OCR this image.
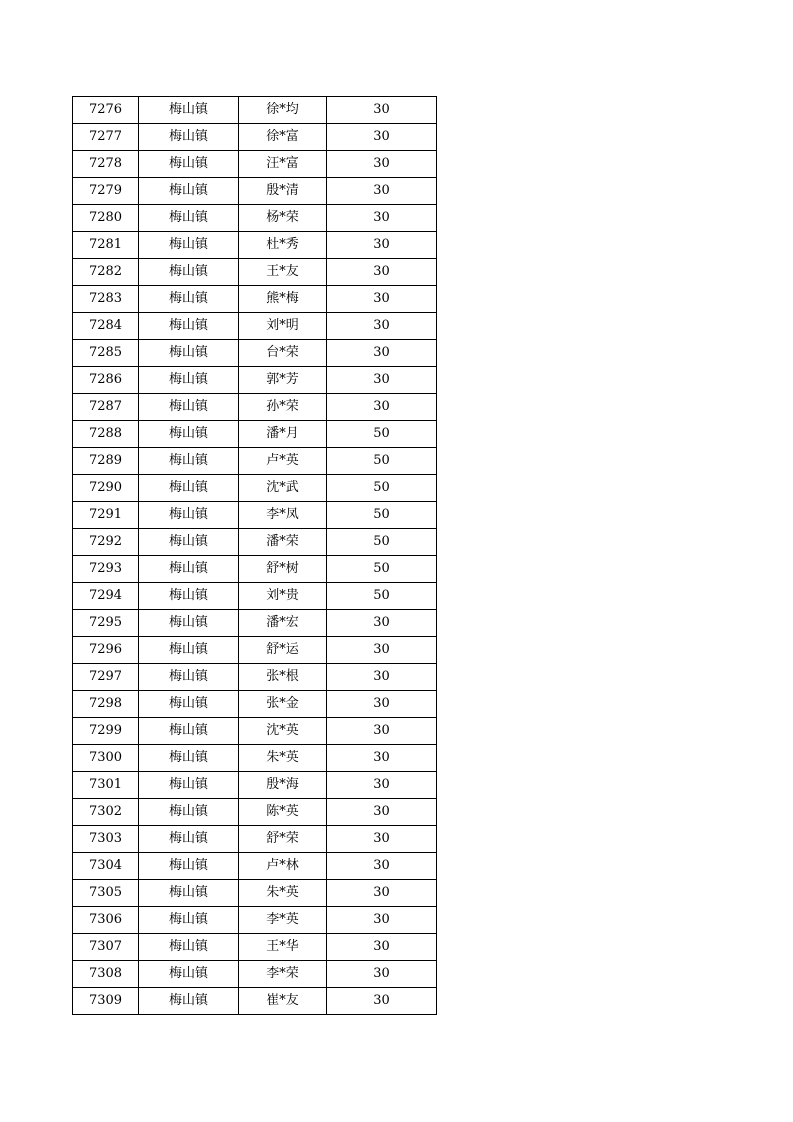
7276	梅山镇	徐*均	30
7277	梅山镇	徐*富	30
7278	梅山镇	汪*富	30
7279	梅山镇	殷*清	30
7280	梅山镇	杨*荣	30
7281	梅山镇	杜*秀	30
7282	梅山镇	王*友	30
7283	梅山镇	熊*梅	30
7284	梅山镇	刘*明	30
7285	梅山镇	台*荣	30
7286	梅山镇	郭*芳	30
7287	梅山镇	孙*荣	30
7288	梅山镇	潘*月	50
7289	梅山镇	卢*英	50
7290	梅山镇	沈*武	50
7291	梅山镇	李*凤	50
7292	梅山镇	潘*荣	50
7293	梅山镇	舒*树	50
7294	梅山镇	刘*贵	50
7295	梅山镇	潘*宏	30
7296	梅山镇	舒*运	30
7297	梅山镇	张*根	30
7298	梅山镇	张*金	30
7299	梅山镇	沈*英	30
7300	梅山镇	朱*英	30
7301	梅山镇	殷*海	30
7302	梅山镇	陈*英	30
7303	梅山镇	舒*荣	30
7304	梅山镇	卢*林	30
7305	梅山镇	朱*英	30
7306	梅山镇	李*英	30
7307	梅山镇	王*华	30
7308	梅山镇	李*荣	30
7309	梅山镇	崔*友	30
